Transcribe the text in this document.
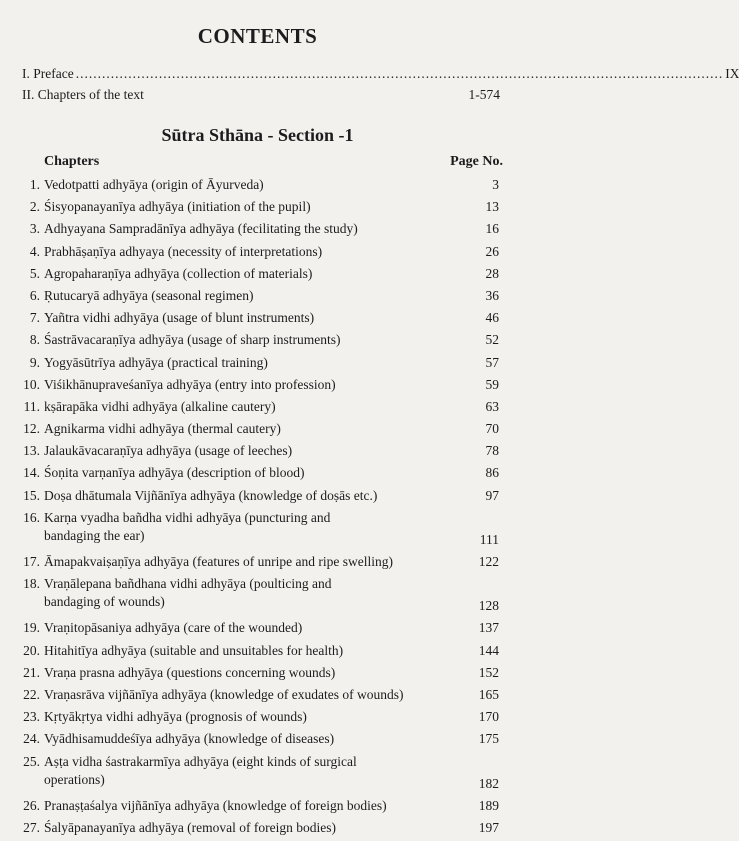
CONTENTS
I. Preface .................................................................................................................................................... IX
II. Chapters of the text	1-574
Sūtra Sthāna - Section -1
Chapters	Page No.
1. Vedotpatti adhyāya (origin of Āyurveda)	3
2. Śisyopanayanīya adhyāya (initiation of the pupil)	13
3. Adhyayana Sampradānīya adhyāya (fecilitating the study)	16
4. Prabhāṣaṇīya adhyaya (necessity of interpretations)	26
5. Agropaharaṇīya adhyāya (collection of materials)	28
6. Ṛutucaryā adhyāya (seasonal regimen)	36
7. Yañtra vidhi adhyāya (usage of blunt instruments)	46
8. Śastrāvacaraṇīya adhyāya (usage of sharp instruments)	52
9. Yogyāsūtrīya adhyāya (practical training)	57
10. Viśikhānupraveśanīya adhyāya (entry into profession)	59
11. kṣārapāka vidhi adhyāya (alkaline cautery)	63
12. Agnikarma vidhi adhyāya (thermal cautery)	70
13. Jalaukāvacaraṇīya adhyāya (usage of leeches)	78
14. Śoṇita varṇanīya adhyāya (description of blood)	86
15. Doṣa dhātumala Vijñānīya adhyāya (knowledge of doṣās etc.)	97
16. Karṇa vyadha bañdha vidhi adhyāya (puncturing and
bandaging the ear)	111
17. Āmapakvaiṣaṇīya adhyāya (features of unripe and ripe swelling)	122
18. Vraṇālepana bañdhana vidhi adhyāya (poulticing and
bandaging of wounds)	128
19. Vraṇitopāsaniya adhyāya (care of the wounded)	137
20. Hitahitīya adhyāya (suitable and unsuitables for health)	144
21. Vraṇa prasna adhyāya (questions concerning wounds)	152
22. Vraṇasrāva vijñānīya adhyāya (knowledge of exudates of wounds)	165
23. Kṛtyākṛtya vidhi adhyāya (prognosis of wounds)	170
24. Vyādhisamuddeśīya adhyāya (knowledge of diseases)	175
25. Aṣṭa vidha śastrakarmīya adhyāya (eight kinds of surgical
operations)	182
26. Pranaṣṭaśalya vijñānīya adhyāya (knowledge of foreign bodies)	189
27. Śalyāpanayanīya adhyāya (removal of foreign bodies)	197
